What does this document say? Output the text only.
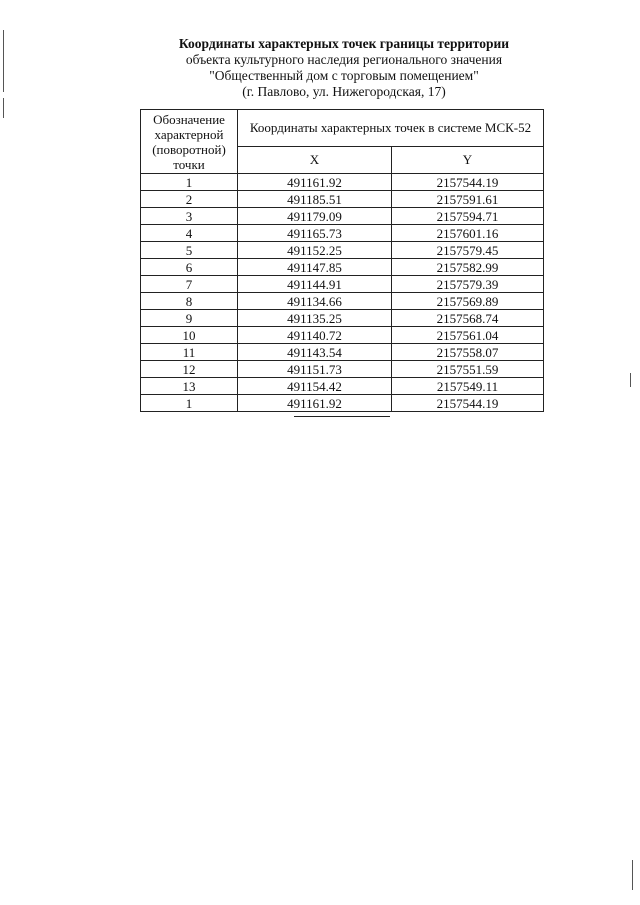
Координаты характерных точек границы территории
объекта культурного наследия регионального значения
"Общественный дом с торговым помещением"
(г. Павлово, ул. Нижегородская, 17)
Обозначение характерной (поворотной) точки	Координаты характерных точек в системе МСК-52	
	X	Y
1	491161.92	2157544.19
2	491185.51	2157591.61
3	491179.09	2157594.71
4	491165.73	2157601.16
5	491152.25	2157579.45
6	491147.85	2157582.99
7	491144.91	2157579.39
8	491134.66	2157569.89
9	491135.25	2157568.74
10	491140.72	2157561.04
11	491143.54	2157558.07
12	491151.73	2157551.59
13	491154.42	2157549.11
1	491161.92	2157544.19
